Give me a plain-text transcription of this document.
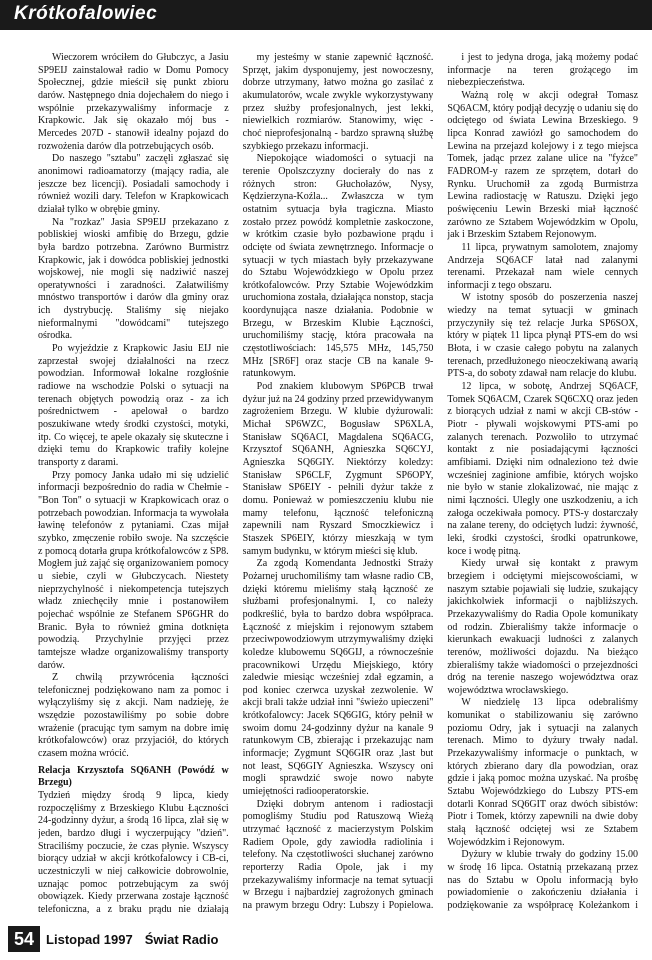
Krótkofalowiec

Wieczorem wróciłem do Głubczyc, a Jasiu SP9EIJ zainstalował radio w Domu Pomocy Społecznej, gdzie mieścił się punkt zbioru darów. Następnego dnia dojechałem do niego i wspólnie przekazywaliśmy informacje z Krapkowic. Jak się okazało mój bus - Mercedes 207D - stanowił idealny pojazd do rozwożenia darów dla potrzebujących osób.

Do naszego "sztabu" zaczęli zgłaszać się anonimowi radioamatorzy (mający radia, ale jeszcze bez licencji). Posiadali samochody i również wozili dary. Telefon w Krapkowicach działał tylko w obrębie gminy.

Na "rozkaz" Jasia SP9EIJ przekazano z pobliskiej wioski amfibię do Brzegu, gdzie była bardzo potrzebna. Zarówno Burmistrz Krapkowic, jak i dowódca pobliskiej jednostki wojskowej, nie mogli się nadziwić naszej operatywności i zaradności. Załatwiliśmy mnóstwo transportów i darów dla gminy oraz ich dystrybucję. Staliśmy się niejako nieformalnymi "dowódcami" tutejszego ośrodka.

Po wyjeździe z Krapkowic Jasiu EIJ nie zaprzestał swojej działalności na rzecz powodzian. Informował lokalne rozgłośnie radiowe na wschodzie Polski o sytuacji na terenach objętych powodzią oraz - za ich pośrednictwem - apelował o bardzo poszukiwane wtedy środki czystości, motyki, itp. Co więcej, te apele okazały się skuteczne i dzięki temu do Krapkowic trafiły kolejne transporty z darami.

Przy pomocy Janka udało mi się udzielić informacji bezpośrednio do radia w Chełmie - "Bon Ton" o sytuacji w Krapkowicach oraz o potrzebach powodzian. Informacja ta wywołała ławinę telefonów z pytaniami. Czas mijał szybko, zmęczenie robiło swoje. Na szczęście z pomocą dotarła grupa krótkofalowców z SP8. Mogłem już zająć się organizowaniem pomocy u siebie, czyli w Głubczycach. Niestety nieprzychylność i niekompetencja tutejszych władz zniechęciły mnie i postanowiłem pojechać wspólnie ze Stefanem SP6GHR do Branic. Była to również gmina dotknięta powodzią. Przychylnie przyjęci przez tamtejsze władze organizowaliśmy transporty darów.

Z chwilą przywrócenia łączności telefonicznej podziękowano nam za pomoc i wyłączyliśmy się z akcji. Nam nadzieję, że wszędzie pozostawiliśmy po sobie dobre wrażenie (pracując tym samym na dobre imię krótkofalowców) oraz przyjaciół, do których czasem można wrócić.

Relacja Krzysztofa SQ6ANH (Powódź w Brzegu)

Tydzień między środą 9 lipca, kiedy rozpoczęliśmy z Brzeskiego Klubu Łączności 24-godzinny dyżur, a środą 16 lipca, zlał się w jeden, bardzo długi i wyczerpujący "dzień". Straciliśmy poczucie, że czas płynie. Wszyscy biorący udział w akcji krótkofalowcy i CB-ci, uczestniczyli w niej całkowicie dobrowolnie, uznając pomoc potrzebującym za swój obowiązek. Kiedy przerwana zostaje łączność telefoniczna, a z braku prądu nie działają

my jesteśmy w stanie zapewnić łączność. Sprzęt, jakim dysponujemy, jest nowoczesny, dobrze utrzymany, łatwo można go zasilać z akumulatorów, wcale zwykle wykorzystywany przez służby profesjonalnych, jest lekki, niewielkich rozmiarów. Stanowimy, więc - choć nieprofesjonalną - bardzo sprawną służbę szybkiego przekazu informacji.

Niepokojące wiadomości o sytuacji na terenie Opolszczyzny docierały do nas z różnych stron: Głuchołazów, Nysy, Kędzierzyna-Koźla... Zwłaszcza w tym ostatnim sytuacja była tragiczna. Miasto zostało przez powódź kompletnie zaskoczone, w krótkim czasie było pozbawione prądu i odcięte od świata zewnętrznego. Informacje o sytuacji w tych miastach były przekazywane do Sztabu Wojewódzkiego w Opolu przez krótkofalowców. Przy Sztabie Wojewódzkim uruchomiona została, działająca nonstop, stacja koordynująca nasze działania. Podobnie w Brzegu, w Brzeskim Klubie Łączności, uruchomiliśmy stację, która pracowała na częstotliwościach: 145,575 MHz, 145,750 MHz [SR6F] oraz stacje CB na kanale 9-ratunkowym.

Pod znakiem klubowym SP6PCB trwał dyżur już na 24 godziny przed przewidywanym zagrożeniem Brzegu. W klubie dyżurowali: Michał SP6WZC, Bogusław SP6XLA, Stanisław SQ6ACI, Magdalena SQ6ACG, Krzysztof SQ6ANH, Agnieszka SQ6CYJ, Agnieszka SQ6GIY. Niektórzy koledzy: Stanisław SP6CLF, Zygmunt SP6OPY, Stanisław SP6EIY - pełnili dyżur także z domu. Ponieważ w pomieszczeniu klubu nie mamy telefonu, łączność telefoniczną zapewnili nam Ryszard Smoczkiewicz i Staszek SP6EIY, którzy mieszkają w tym samym budynku, w którym mieści się klub.

Za zgodą Komendanta Jednostki Straży Pożarnej uruchomiliśmy tam własne radio CB, dzięki któremu mieliśmy stałą łączność ze służbami profesjonalnymi. I, co należy podkreślić, była to bardzo dobra współpraca. Łączność z miejskim i rejonowym sztabem przeciwpowodziowym utrzymywaliśmy dzięki koledze klubowemu SQ6GIJ, a równocześnie pracownikowi Urzędu Miejskiego, który zaledwie miesiąc wcześniej zdał egzamin, a pod koniec czerwca uzyskał zezwolenie. W akcji brali także udział inni "świeżo upieczeni" krótkofalowcy: Jacek SQ6GIG, który pełnił w swoim domu 24-godzinny dyżur na kanale 9 ratunkowym CB, zbierając i przekazując nam informacje; Zygmunt SQ6GIR oraz ,last but not least, SQ6GIY Agnieszka. Wszyscy oni mogli sprawdzić swoje nowo nabyte umiejętności radiooperatorskie.

Dzięki dobrym antenom i radiostacji pomogliśmy Studiu pod Ratuszową Wieżą utrzymać łączność z macierzystym Polskim Radiem Opole, gdy zawiodła radiolinia i telefony. Na częstotliwości słuchanej zarówno reporterzy Radia Opole, jak i my przekazywaliśmy informacje na temat sytuacji w Brzegu i najbardziej zagrożonych gminach na prawym brzegu Odry: Lubszy i Popielowa.

i jest to jedyna droga, jaką możemy podać informacje na teren grożącego im niebezpieczeństwa.

Ważną rolę w akcji odegrał Tomasz SQ6ACM, który podjął decyzję o udaniu się do odciętego od świata Lewina Brzeskiego. 9 lipca Konrad zawiózł go samochodem do Lewina na przejazd kolejowy i z tego miejsca Tomek, jadąc przez zalane ulice na "fyżce" FADROM-y razem ze sprzętem, dotarł do Rynku. Uruchomił za zgodą Burmistrza Lewina radiostację w Ratuszu. Dzięki jego poświęceniu Lewin Brzeski miał łączność zarówno ze Sztabem Wojewódzkim w Opolu, jak i Brzeskim Sztabem Rejonowym.

11 lipca, prywatnym samolotem, znajomy Andrzeja SQ6ACF latał nad zalanymi terenami. Przekazał nam wiele cennych informacji z tego obszaru.

W istotny sposób do poszerzenia naszej wiedzy na temat sytuacji w gminach przyczyniły się też relacje Jurka SP6SOX, który w piątek 11 lipca płynął PTS-em do wsi Błota, i w czasie całego pobytu na zalanych terenach, przedłużonego nieoczekiwaną awarią PTS-a, do soboty zdawał nam relacje do klubu.

12 lipca, w sobotę, Andrzej SQ6ACF, Tomek SQ6ACM, Czarek SQ6CXQ oraz jeden z biorących udział z nami w akcji CB-stów - Piotr - pływali wojskowymi PTS-ami po zalanych terenach. Pozwoliło to utrzymać kontakt z nie posiadającymi łączności amfibiami. Dzięki nim odnaleziono też dwie wcześniej zaginione amfibie, których wojsko nie było w stanie zlokalizować, nie mając z nimi łączności. Ulegly one uszkodzeniu, a ich załoga oczekiwała pomocy. PTS-y dostarczały na zalane tereny, do odciętych ludzi: żywność, leki, środki czystości, środki opatrunkowe, koce i wodę pitną.

Kiedy urwał się kontakt z prawym brzegiem i odciętymi miejscowościami, w naszym sztabie pojawiali się ludzie, szukający jakichkolwiek informacji o najbliższych. Przekazywaliśmy do Radia Opole komunikaty od rodzin. Zbieraliśmy także informacje o kierunkach ewakuacji ludności z zalanych terenów, możliwości dojazdu. Na bieżąco zbieraliśmy także wiadomości o przejezdności dróg na terenie naszego województwa oraz województwa wrocławskiego.

W niedzielę 13 lipca odebraliśmy komunikat o stabilizowaniu się zarówno poziomu Odry, jak i sytuacji na zalanych terenach. Mimo to dyżury trwały nadal. Przekazywaliśmy informacje o punktach, w których zbierano dary dla powodzian, oraz gdzie i jaką pomoc można uzyskać. Na prośbę Sztabu Wojewódzkiego do Lubszy PTS-em dotarli Konrad SQ6GIT oraz dwóch sibistów: Piotr i Tomek, którzy zapewnili na dwie doby stałą łączność odciętej wsi ze Sztabem Wojewódzkim i Rejonowym.

Dyżury w klubie trwały do godziny 15.00 w środę 16 lipca. Ostatnią przekazaną przez nas do Sztabu w Opolu informacją było powiadomienie o zakończeniu działania i podziękowanie za współpracę Koleżankom i

54 Listopad 1997 Świat Radio
